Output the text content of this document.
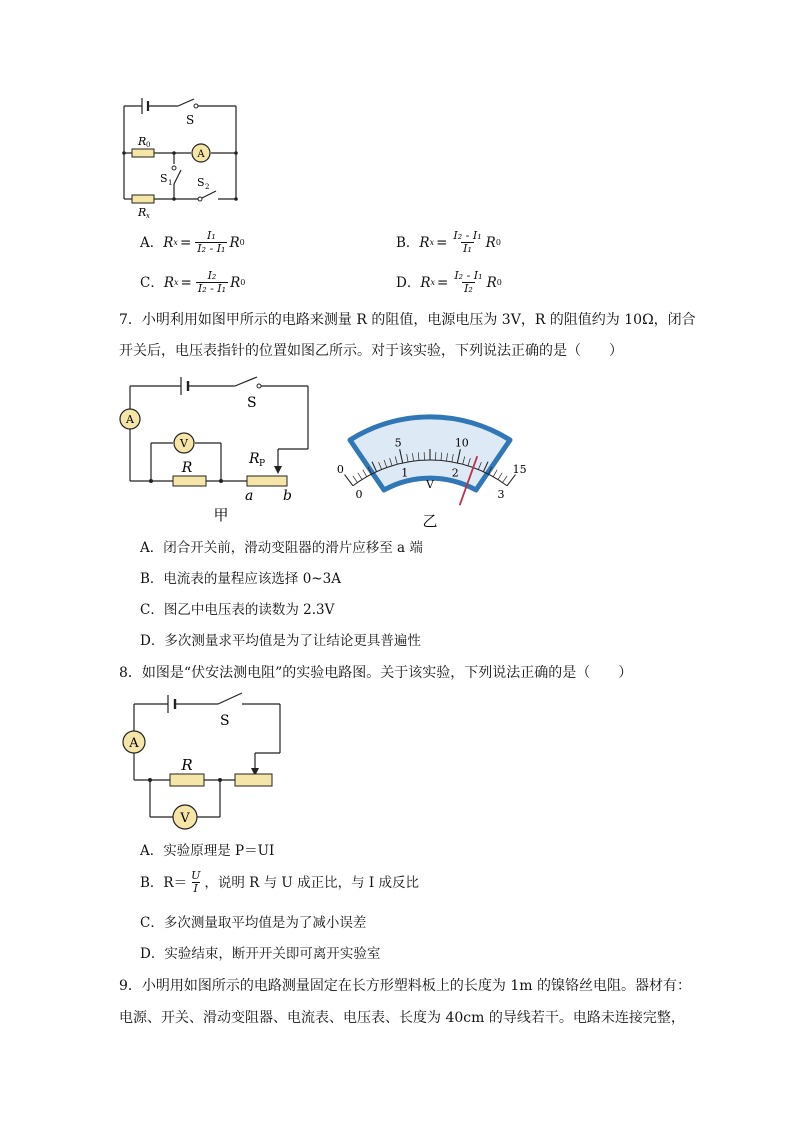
A
S
R 0
S 1 S 2
R x
A． R $x = \frac{\text{I₁}}{\text{I₂ - I₁}}$ R 0	B． R $x = \frac{\text{I₂ - I₁}}{\text{I₁}}$ R 0
C． R $x = \frac{\text{I₂}}{\text{I₂ - I₁}}$ R 0	D． R $x = \frac{\text{I₂ - I₁}}{\text{I₂}}$ R 0
7．小明利用如图甲所示的电路来测量 R 的阻值，电源电压为 3V，R 的阻值约为 10Ω，闭合
开关后，电压表指针的位置如图乙所示。对于该实验，下列说法正确的是（　　）
A
V
R
S
R P
a b
甲
0
5	10
15
0
1	2
3
V
乙
A．闭合开关前，滑动变阻器的滑片应移至 a 端
B．电流表的量程应该选择 0~3A
C．图乙中电压表的读数为 2.3V
D．多次测量求平均值是为了让结论更具普遍性
8．如图是“伏安法测电阻”的实验电路图。关于该实验，下列说法正确的是（　　）
A
S
R
V
A．实验原理是 P＝UI
B．$R= \frac{U}{I}$ ，说明 R 与 U 成正比，与 I 成反比
C．多次测量取平均值是为了减小误差
D．实验结束，断开开关即可离开实验室
9．小明用如图所示的电路测量固定在长方形塑料板上的长度为 1m 的镍铬丝电阻。器材有：
电源、开关、滑动变阻器、电流表、电压表、长度为 40cm 的导线若干。电路未连接完整，
